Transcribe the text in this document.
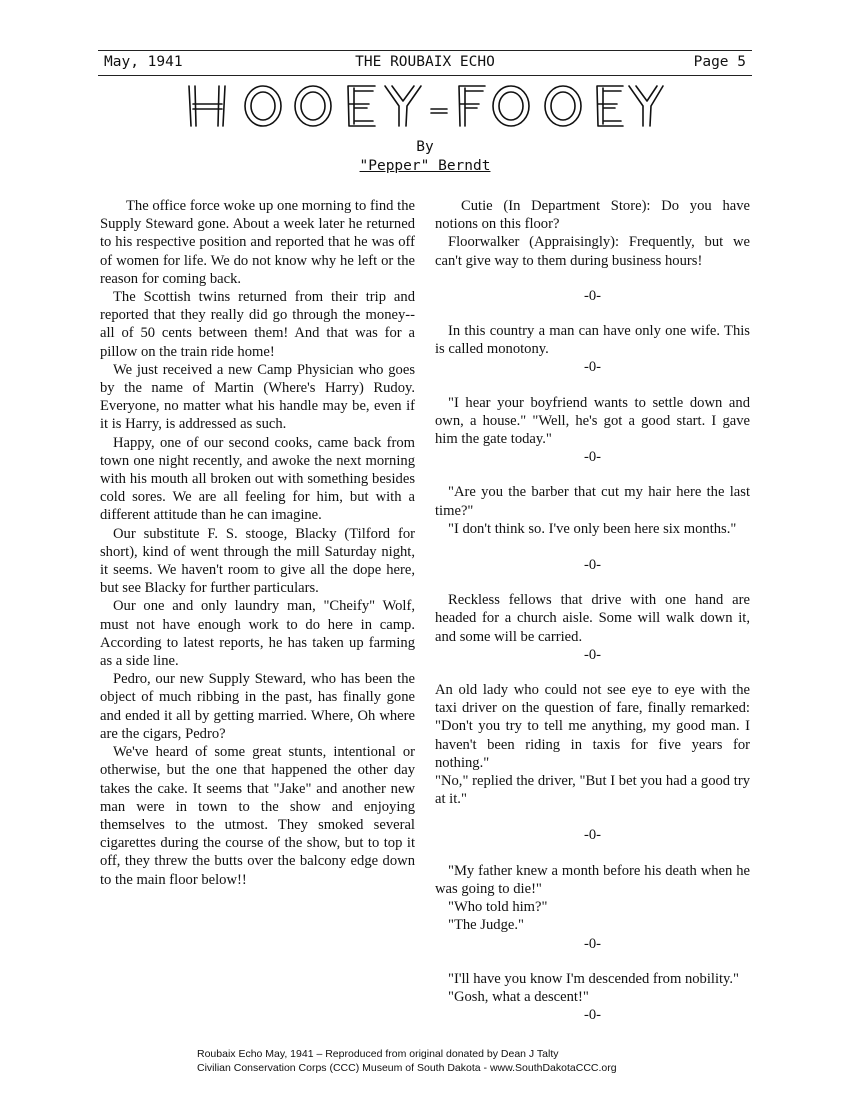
May, 1941	THE ROUBAIX ECHO	Page 5
By
"Pepper" Berndt

The office force woke up one morning to find the Supply Steward gone. About a week later he returned to his respective position and reported that he was off of women for life. We do not know why he left or the reason for coming back.

The Scottish twins returned from their trip and reported that they really did go through the money--all of 50 cents between them! And that was for a pillow on the train ride home!

We just received a new Camp Physician who goes by the name of Martin (Where's Harry) Rudoy. Everyone, no matter what his handle may be, even if it is Harry, is addressed as such.

Happy, one of our second cooks, came back from town one night recently, and awoke the next morning with his mouth all broken out with something besides cold sores. We are all feeling for him, but with a different attitude than he can imagine.

Our substitute F. S. stooge, Blacky (Tilford for short), kind of went through the mill Saturday night, it seems. We haven't room to give all the dope here, but see Blacky for further particulars.

Our one and only laundry man, "Cheify" Wolf, must not have enough work to do here in camp. According to latest reports, he has taken up farming as a side line.

Pedro, our new Supply Steward, who has been the object of much ribbing in the past, has finally gone and ended it all by getting married. Where, Oh where are the cigars, Pedro?

We've heard of some great stunts, intentional or otherwise, but the one that happened the other day takes the cake. It seems that "Jake" and another new man were in town to the show and enjoying themselves to the utmost. They smoked several cigarettes during the course of the show, but to top it off, they threw the butts over the balcony edge down to the main floor below!!

Cutie (In Department Store): Do you have notions on this floor?

Floorwalker (Appraisingly): Frequently, but we can't give way to them during business hours!

-0-

In this country a man can have only one wife. This is called monotony.

-0-

"I hear your boyfriend wants to settle down and own, a house." "Well, he's got a good start. I gave him the gate today."

-0-

"Are you the barber that cut my hair here the last time?"

"I don't think so. I've only been here six months."

-0-

Reckless fellows that drive with one hand are headed for a church aisle. Some will walk down it, and some will be carried.

-0-

An old lady who could not see eye to eye with the taxi driver on the question of fare, finally remarked: "Don't you try to tell me anything, my good man. I haven't been riding in taxis for five years for nothing."

"No," replied the driver, "But I bet you had a good try at it."

-0-

"My father knew a month before his death when he was going to die!"

"Who told him?"

"The Judge."

-0-

"I'll have you know I'm descended from nobility."

"Gosh, what a descent!"

-0-

Roubaix Echo May, 1941 – Reproduced from original donated by Dean J Talty
Civilian Conservation Corps (CCC) Museum of South Dakota - www.SouthDakotaCCC.org
